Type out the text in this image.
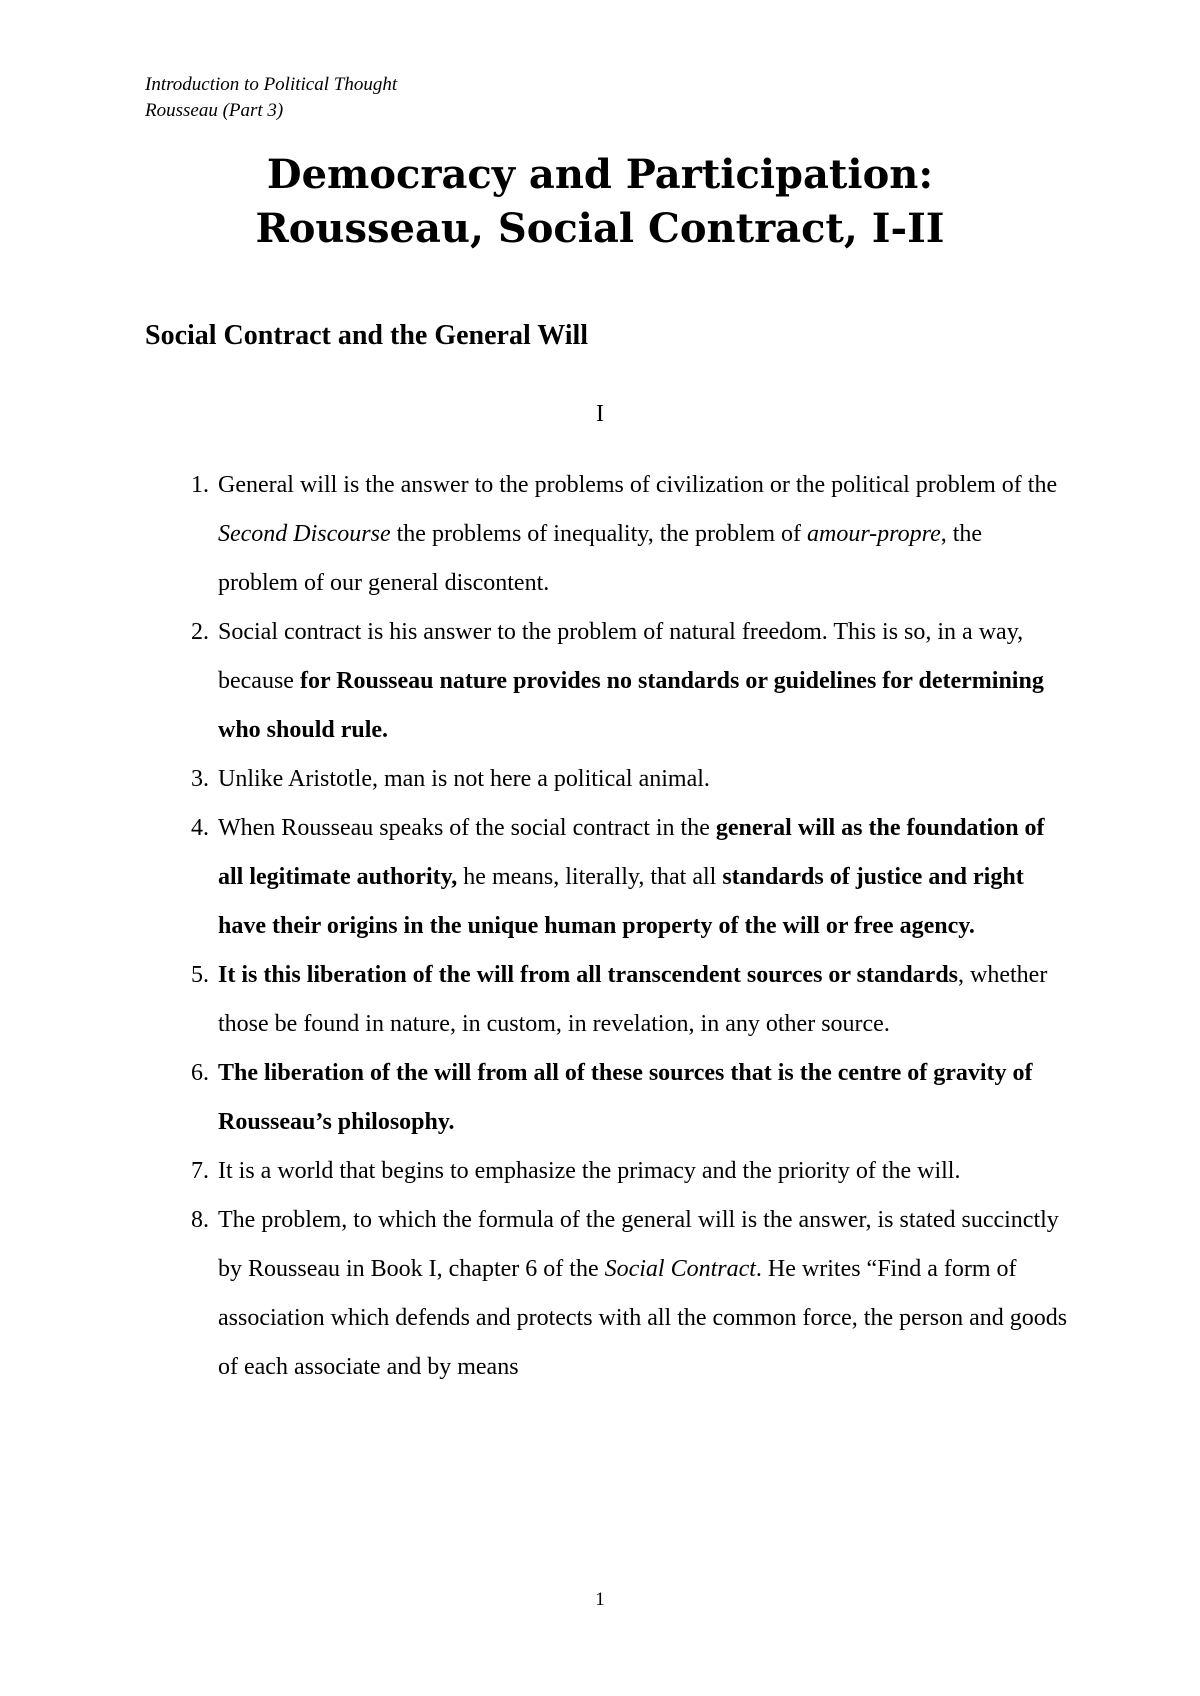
Introduction to Political Thought
Rousseau (Part 3)
Democracy and Participation:
Rousseau, Social Contract, I-II
Social Contract and the General Will
I
1. General will is the answer to the problems of civilization or the political problem of the Second Discourse the problems of inequality, the problem of amour-propre, the problem of our general discontent.
2. Social contract is his answer to the problem of natural freedom. This is so, in a way, because for Rousseau nature provides no standards or guidelines for determining who should rule.
3. Unlike Aristotle, man is not here a political animal.
4. When Rousseau speaks of the social contract in the general will as the foundation of all legitimate authority, he means, literally, that all standards of justice and right have their origins in the unique human property of the will or free agency.
5. It is this liberation of the will from all transcendent sources or standards, whether those be found in nature, in custom, in revelation, in any other source.
6. The liberation of the will from all of these sources that is the centre of gravity of Rousseau’s philosophy.
7. It is a world that begins to emphasize the primacy and the priority of the will.
8. The problem, to which the formula of the general will is the answer, is stated succinctly by Rousseau in Book I, chapter 6 of the Social Contract. He writes “Find a form of association which defends and protects with all the common force, the person and goods of each associate and by means
1
